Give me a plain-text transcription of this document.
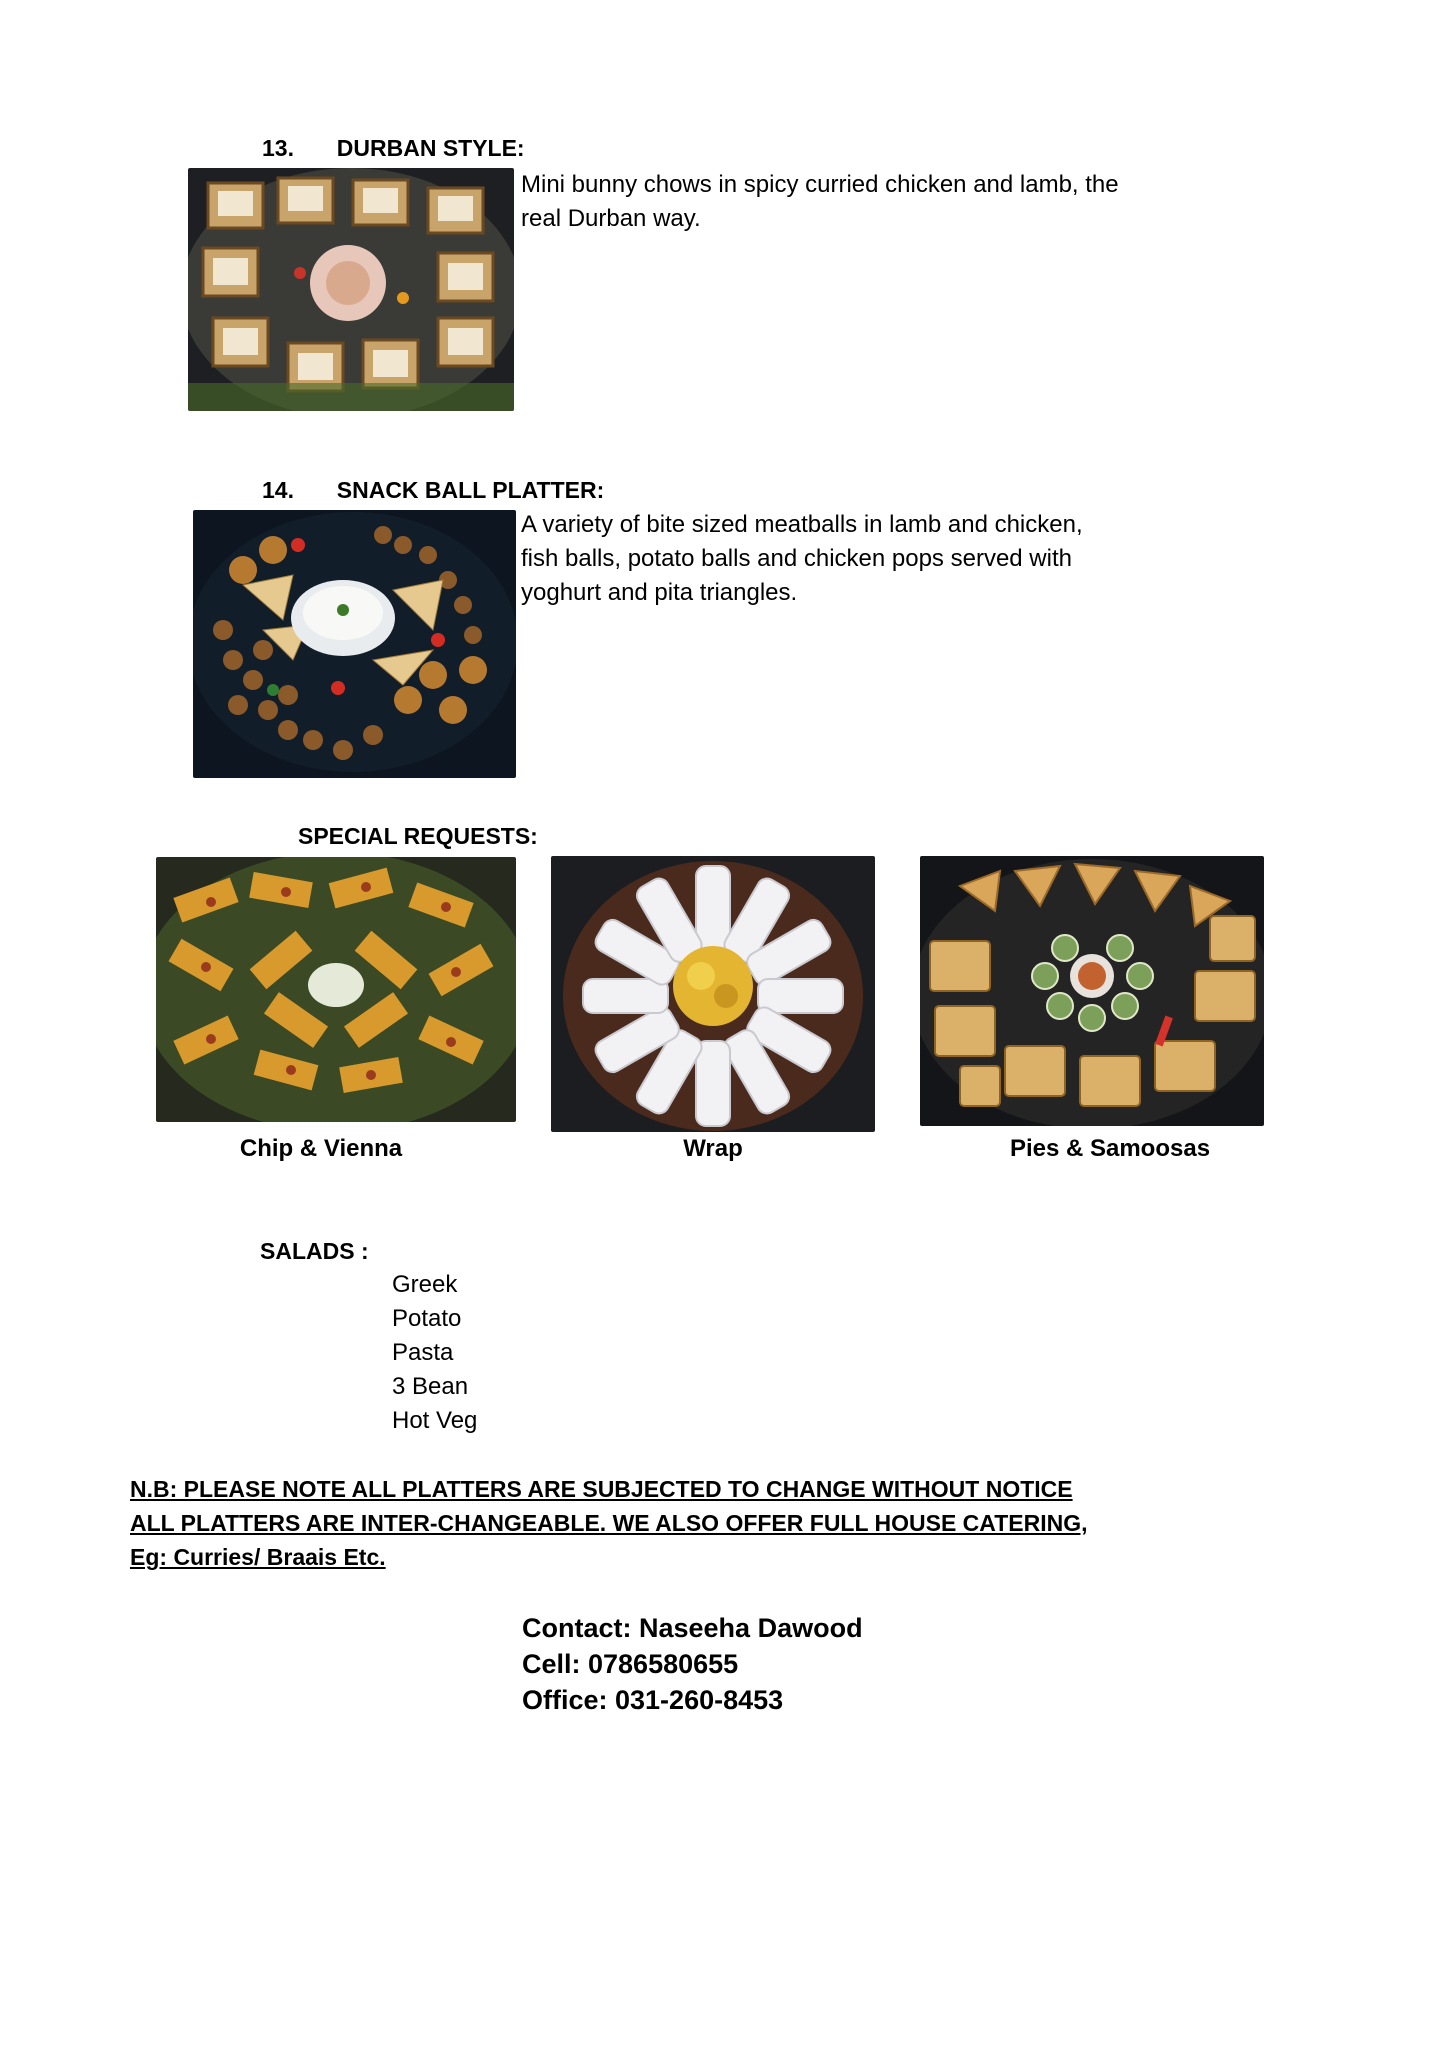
13. DURBAN STYLE:
Mini bunny chows in spicy curried chicken and lamb, the real Durban way.
14. SNACK BALL PLATTER:
A variety of bite sized meatballs in lamb and chicken, fish balls, potato balls and chicken pops served with yoghurt and pita triangles.
SPECIAL REQUESTS:
Chip & Vienna	Wrap	Pies & Samoosas
SALADS :
Greek
Potato
Pasta
3 Bean
Hot Veg
N.B: PLEASE NOTE ALL PLATTERS ARE SUBJECTED TO CHANGE WITHOUT NOTICE
ALL PLATTERS ARE INTER-CHANGEABLE. WE ALSO OFFER FULL HOUSE CATERING,
Eg: Curries/ Braais Etc.
Contact: Naseeha Dawood
Cell: 0786580655
Office: 031-260-8453
